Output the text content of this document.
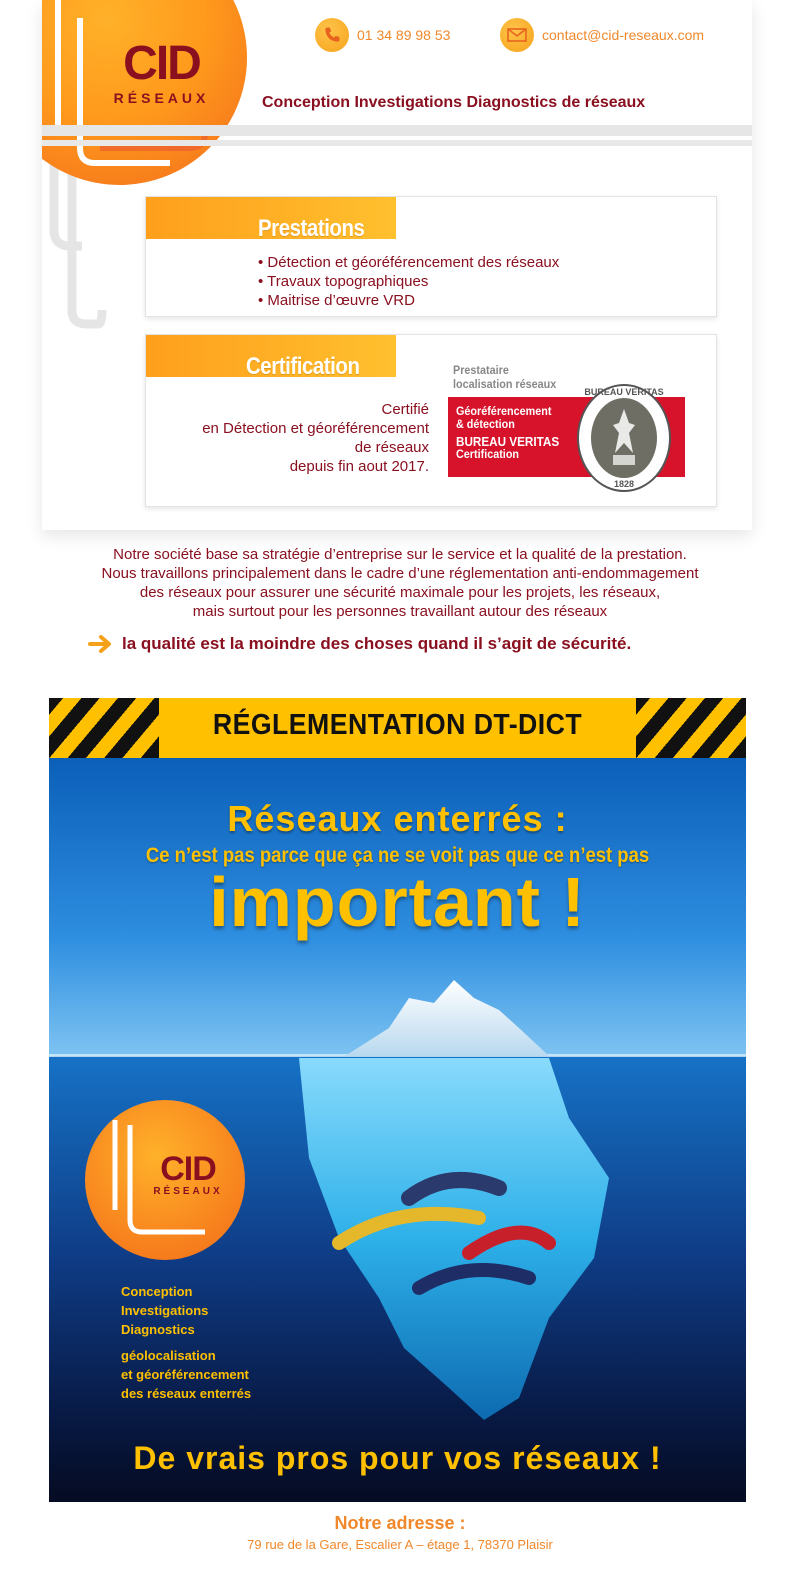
CID
RÉSEAUX
01 34 89 98 53	contact@cid-reseaux.com
Conception Investigations Diagnostics de réseaux
Prestations
• Détection et géoréférencement des réseaux
• Travaux topographiques
• Maitrise d’œuvre VRD
Certification
Certifié
en Détection et géoréférencement
de réseaux
depuis fin aout 2017.
Prestataire
localisation réseaux
Géoréférencement
& détection
BUREAU VERITAS
Certification
BUREAU VERITAS
1828
Notre société base sa stratégie d’entreprise sur le service et la qualité de la prestation.
Nous travaillons principalement dans le cadre d’une réglementation anti-endommagement
des réseaux pour assurer une sécurité maximale pour les projets, les réseaux,
mais surtout pour les personnes travaillant autour des réseaux
la qualité est la moindre des choses quand il s’agit de sécurité.
RÉGLEMENTATION DT-DICT
Réseaux enterrés :
Ce n’est pas parce que ça ne se voit pas que ce n’est pas
important !
CID
RÉSEAUX
Conception
Investigations
Diagnostics
géolocalisation
et géoréférencement
des réseaux enterrés
De vrais pros pour vos réseaux !
Notre adresse :
79 rue de la Gare, Escalier A – étage 1, 78370 Plaisir
